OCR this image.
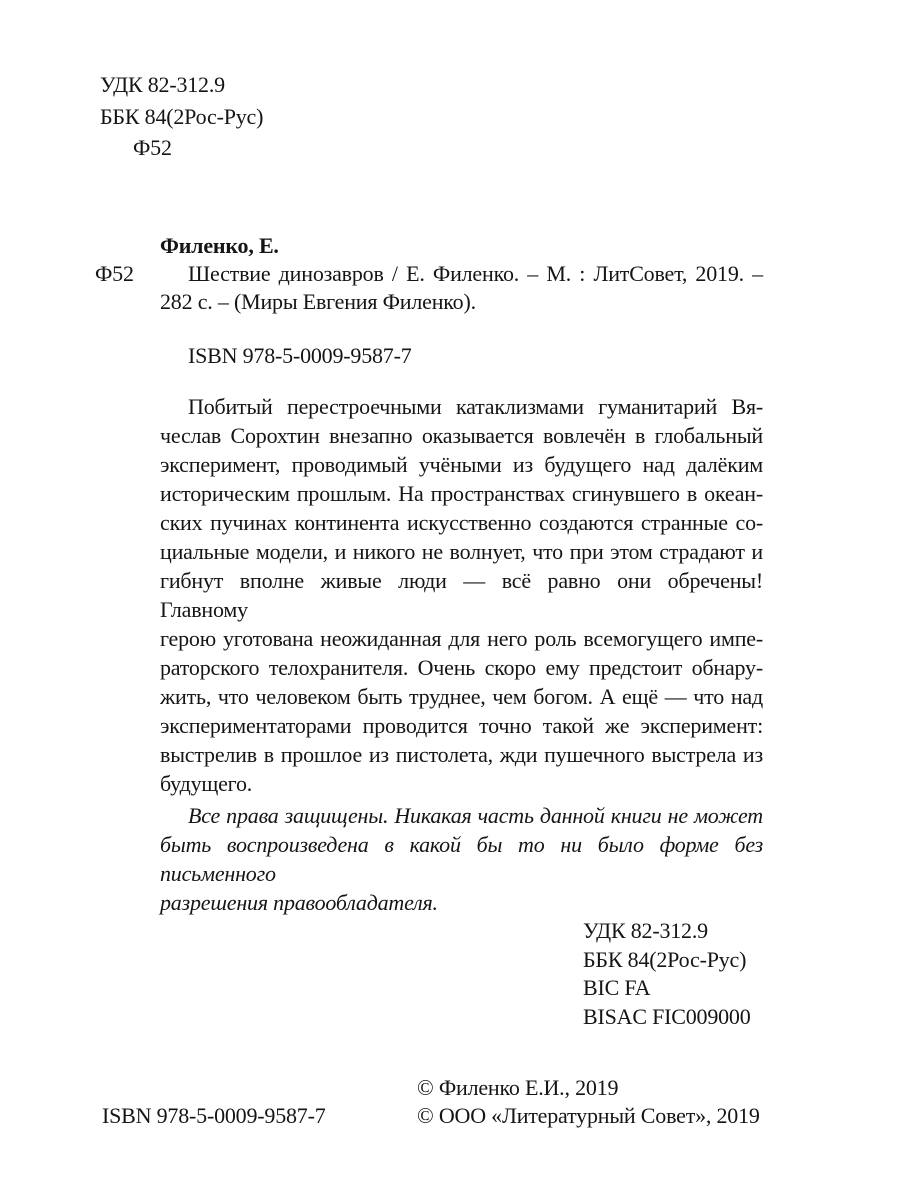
УДК 82-312.9
ББК 84(2Рос-Рус)
Ф52
Филенко, Е.
Ф52	Шествие динозавров / Е. Филенко. – М. : ЛитСовет, 2019. –
282 с. – (Миры Евгения Филенко).
ISBN 978-5-0009-9587-7
Побитый перестроечными катаклизмами гуманитарий Вя-
чеслав Сорохтин внезапно оказывается вовлечён в глобальный
эксперимент, проводимый учёными из будущего над далёким
историческим прошлым. На пространствах сгинувшего в океан-
ских пучинах континента искусственно создаются странные со-
циальные модели, и никого не волнует, что при этом страдают и
гибнут вполне живые люди — всё равно они обречены! Главному
герою уготована неожиданная для него роль всемогущего импе-
раторского телохранителя. Очень скоро ему предстоит обнару-
жить, что человеком быть труднее, чем богом. А ещё — что над
экспериментаторами проводится точно такой же эксперимент:
выстрелив в прошлое из пистолета, жди пушечного выстрела из
будущего.
Все права защищены. Никакая часть данной книги не может
быть воспроизведена в какой бы то ни было форме без письменного
разрешения правообладателя.
УДК 82-312.9
ББК 84(2Рос-Рус)
BIC FA
BISAC FIC009000
ISBN 978-5-0009-9587-7
© Филенко Е.И., 2019
© ООО «Литературный Совет», 2019
